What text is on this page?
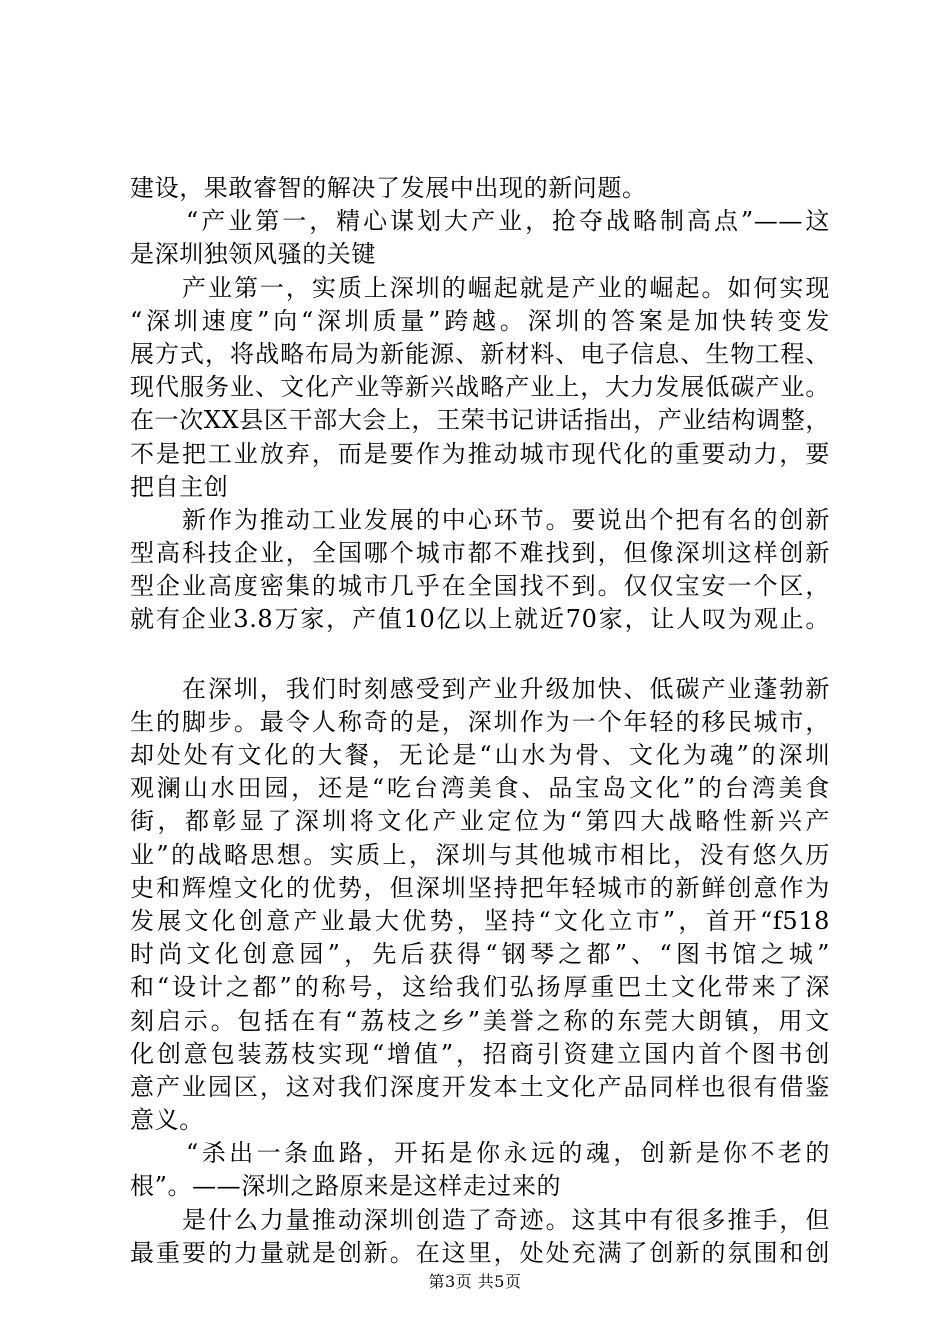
建设，果敢睿智的解决了发展中出现的新问题。
“产业第一，精心谋划大产业，抢夺战略制高点”——这
是深圳独领风骚的关键
产业第一，实质上深圳的崛起就是产业的崛起。如何实现
“深圳速度”向“深圳质量”跨越。深圳的答案是加快转变发
展方式，将战略布局为新能源、新材料、电子信息、生物工程、
现代服务业、文化产业等新兴战略产业上，大力发展低碳产业。
在一次XX县区干部大会上，王荣书记讲话指出，产业结构调整，
不是把工业放弃，而是要作为推动城市现代化的重要动力，要
把自主创
新作为推动工业发展的中心环节。要说出个把有名的创新
型高科技企业，全国哪个城市都不难找到，但像深圳这样创新
型企业高度密集的城市几乎在全国找不到。仅仅宝安一个区，
就有企业3.8万家，产值10亿以上就近70家，让人叹为观止。
在深圳，我们时刻感受到产业升级加快、低碳产业蓬勃新
生的脚步。最令人称奇的是，深圳作为一个年轻的移民城市，
却处处有文化的大餐，无论是“山水为骨、文化为魂”的深圳
观澜山水田园，还是“吃台湾美食、品宝岛文化”的台湾美食
街，都彰显了深圳将文化产业定位为“第四大战略性新兴产
业”的战略思想。实质上，深圳与其他城市相比，没有悠久历
史和辉煌文化的优势，但深圳坚持把年轻城市的新鲜创意作为
发展文化创意产业最大优势，坚持“文化立市”，首开“f518
时尚文化创意园”，先后获得“钢琴之都”、“图书馆之城”
和“设计之都”的称号，这给我们弘扬厚重巴土文化带来了深
刻启示。包括在有“荔枝之乡”美誉之称的东莞大朗镇，用文
化创意包装荔枝实现“增值”，招商引资建立国内首个图书创
意产业园区，这对我们深度开发本土文化产品同样也很有借鉴
意义。
“杀出一条血路，开拓是你永远的魂，创新是你不老的
根”。——深圳之路原来是这样走过来的
是什么力量推动深圳创造了奇迹。这其中有很多推手，但
最重要的力量就是创新。在这里，处处充满了创新的氛围和创
第3页 共5页
